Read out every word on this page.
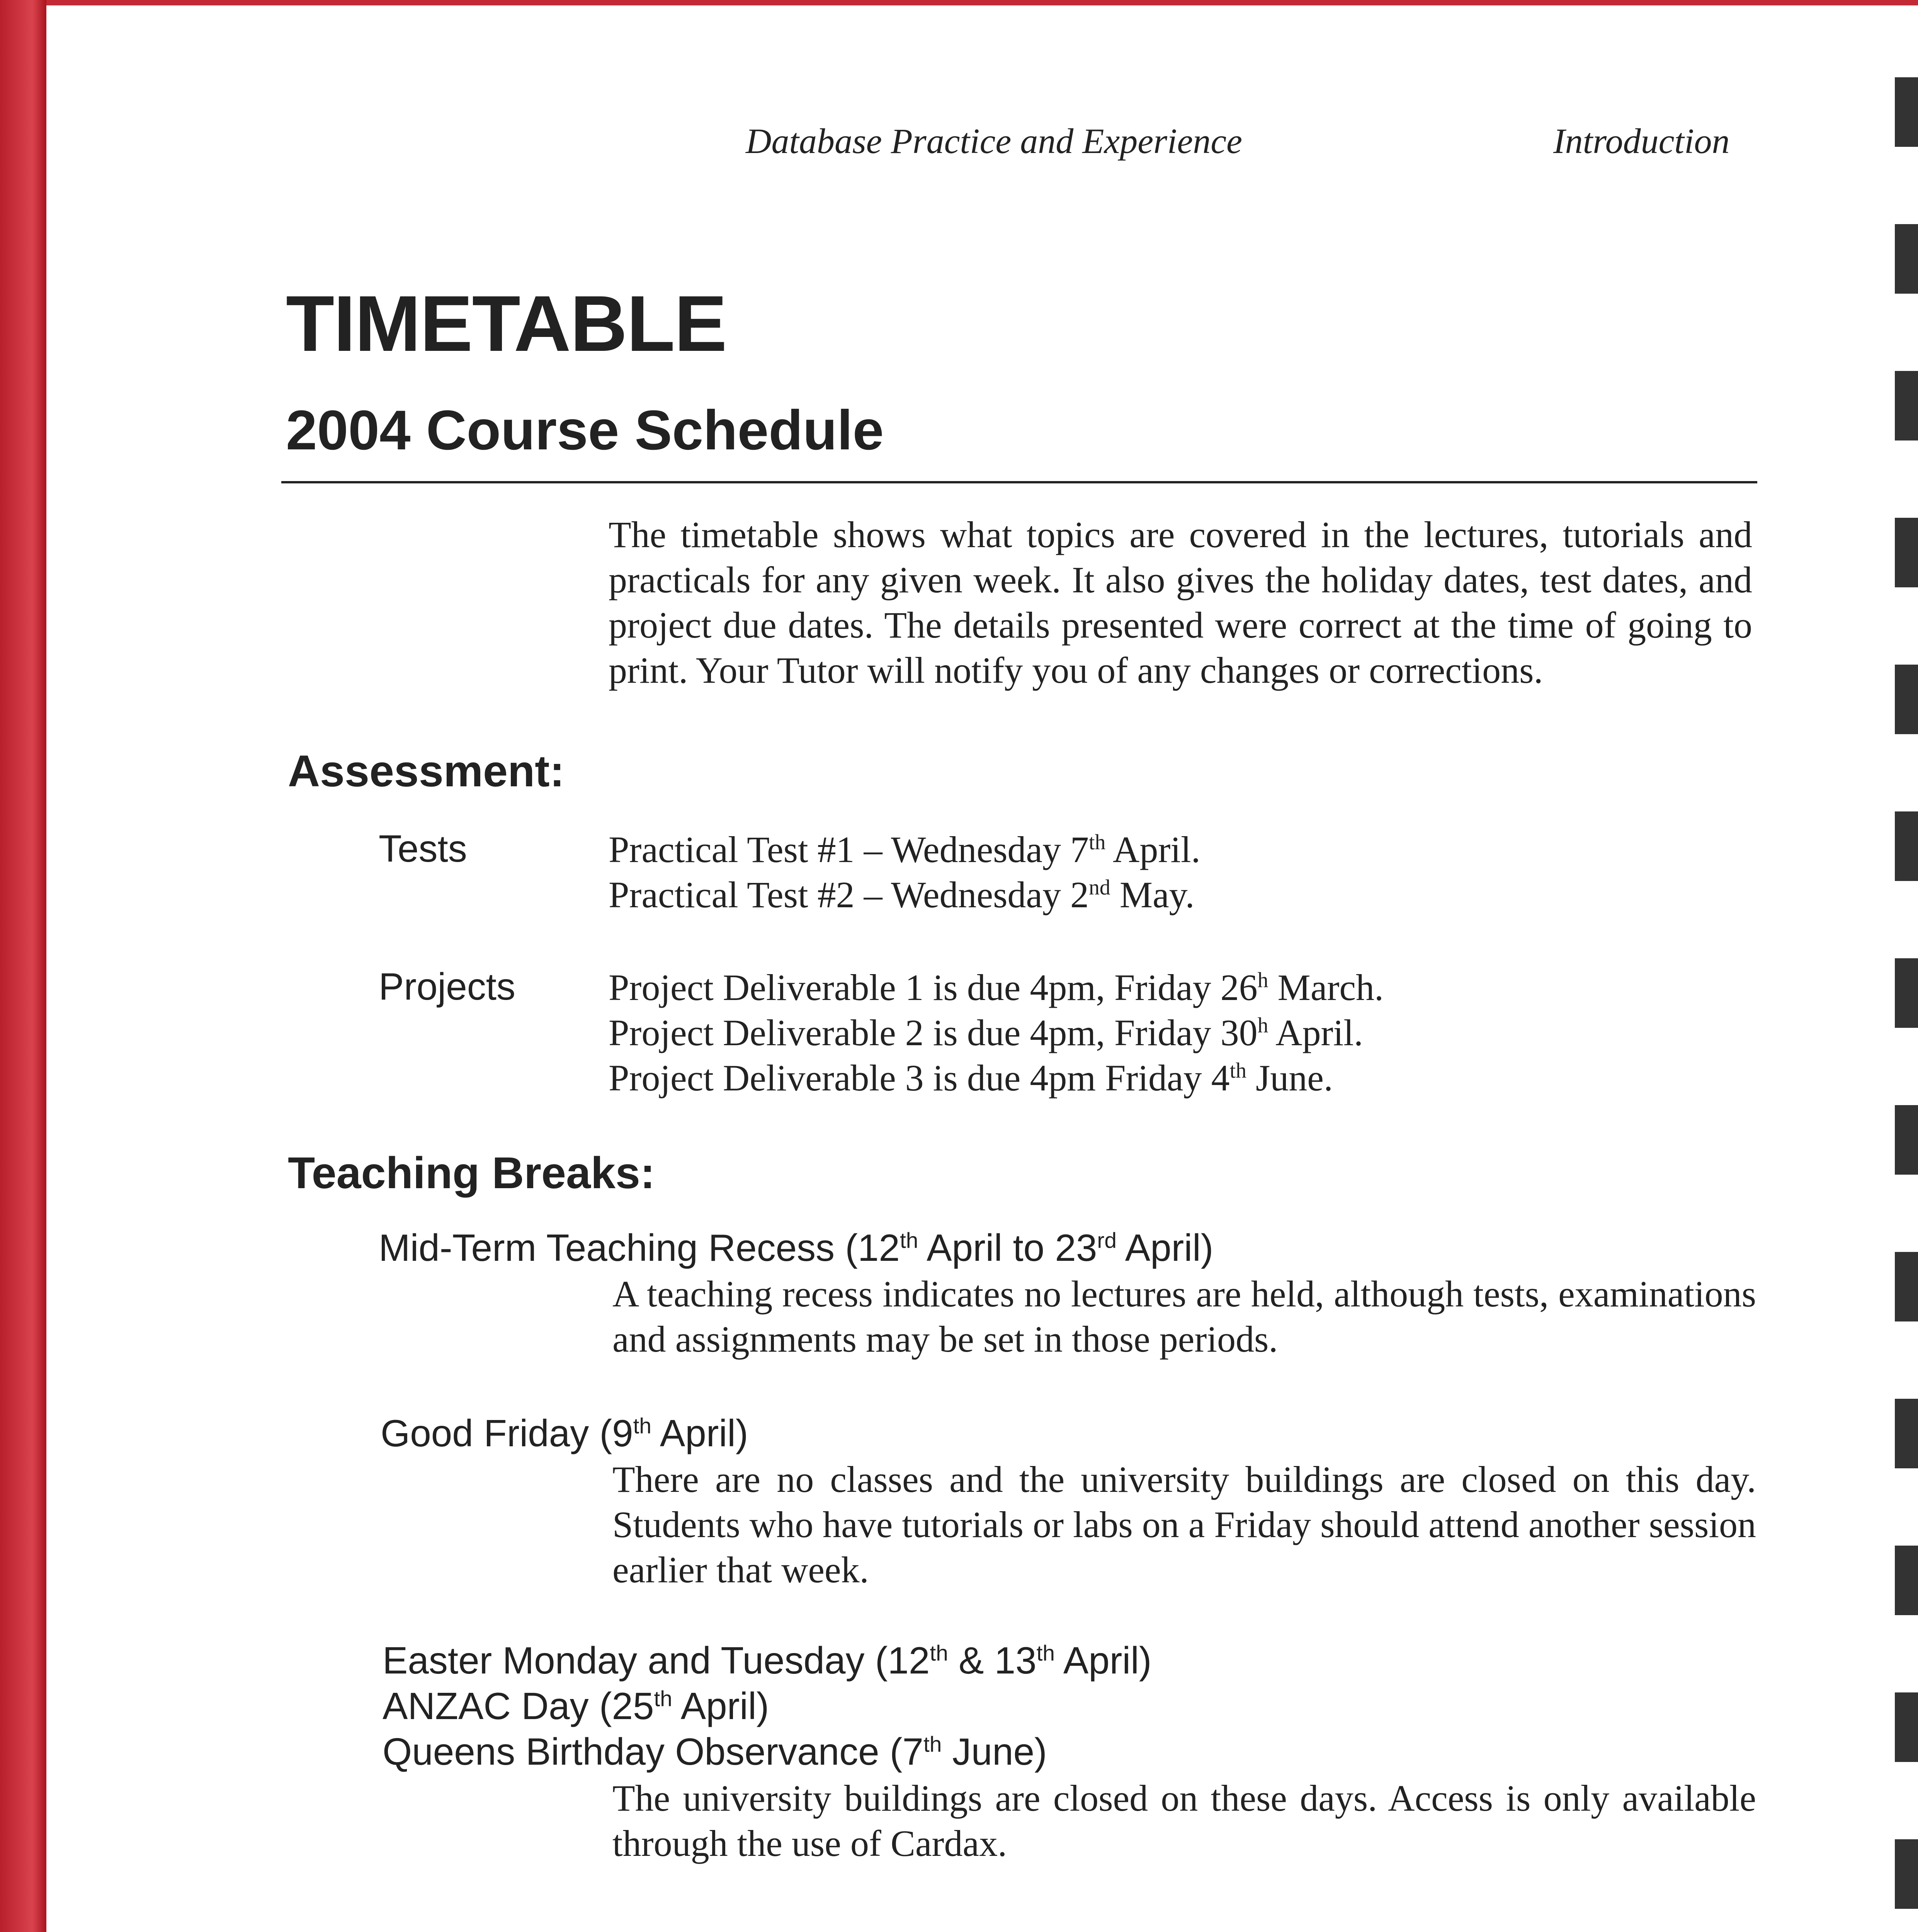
Database Practice and Experience	Introduction
TIMETABLE
2004 Course Schedule
The timetable shows what topics are covered in the lectures, tutorials and practicals for any given week. It also gives the holiday dates, test dates, and project due dates. The details presented were correct at the time of going to print. Your Tutor will notify you of any changes or corrections.
Assessment:
Tests	Practical Test #1 – Wednesday 7th April.
Practical Test #2 – Wednesday 2nd May.
Projects	Project Deliverable 1 is due 4pm, Friday 26$^h$ March.
Project Deliverable 2 is due 4pm, Friday 30$^h$ April.
Project Deliverable 3 is due 4pm Friday 4th June.
Teaching Breaks:
Mid-Term Teaching Recess (12th April to 23rd April)
A teaching recess indicates no lectures are held, although tests, examinations and assignments may be set in those periods.
Good Friday (9th April)
There are no classes and the university buildings are closed on this day. Students who have tutorials or labs on a Friday should attend another session earlier that week.
Easter Monday and Tuesday (12th & 13th April)
ANZAC Day (25th April)
Queens Birthday Observance (7th June)
The university buildings are closed on these days. Access is only available through the use of Cardax.
